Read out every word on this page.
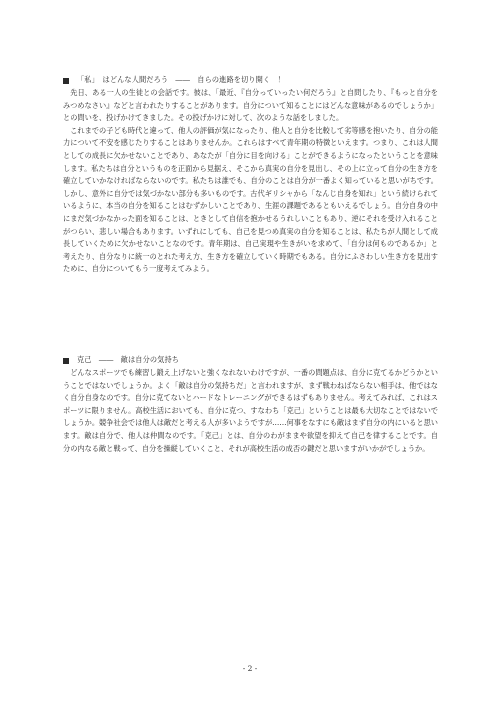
「私」　はどんな人間だろう　――　自らの進路を切り開く　！

先日、ある一人の生徒との会話です。彼は、「最近、『自分っていったい何だろう』と自問したり、『もっと自分をみつめなさい』などと言われたりすることがあります。自分について知ることにはどんな意味があるのでしょうか」との問いを、投げかけてきました。その投げかけに対して、次のような話をしました。

これまでの子ども時代と違って、他人の評価が気になったり、他人と自分を比較して劣等感を抱いたり、自分の能力について不安を感じたりすることはありませんか。これらはすべて青年期の特徴といえます。つまり、これは人間としての成長に欠かせないことであり、あなたが「自分に目を向ける」ことができるようになったということを意味します。私たちは自分というものを正面から見据え、そこから真実の自分を見出し、その上に立って自分の生き方を確立していかなければならないのです。私たちは誰でも、自分のことは自分が一番よく知っていると思いがちです。しかし、意外に自分では気づかない部分も多いものです。古代ギリシャから「なんじ自身を知れ」という続けられているように、本当の自分を知ることはむずかしいことであり、生涯の課題であるともいえるでしょう。自分自身の中にまだ気づかなかった面を知ることは、ときとして自信を抱かせるうれしいこともあり、逆にそれを受け入れることがつらい、悲しい場合もあります。いずれにしても、自己を見つめ真実の自分を知ることは、私たちが人間として成長していくために欠かせないことなのです。青年期は、自己実現や生きがいを求めて、「自分は何ものであるか」と考えたり、自分なりに統一のとれた考え方、生き方を確立していく時期でもある。自分にふさわしい生き方を見出すために、自分についてもう一度考えてみよう。

克己　――　敵は自分の気持ち

どんなスポーツでも練習し鍛え上げないと強くなれないわけですが、一番の問題点は、自分に克てるかどうかということではないでしょうか。よく「敵は自分の気持ちだ」と言われますが、まず戦わねばならない相手は、他ではなく自分自身なのです。自分に克てないとハードなトレーニングができるはずもありません。考えてみれば、これはスポーツに限りません。高校生活においても、自分に克つ、すなわち「克己」ということは最も大切なことではないでしょうか。競争社会では他人は敵だと考える人が多いようですが……何事をなすにも敵はまず自分の内にいると思います。敵は自分で、他人は仲間なのです。「克己」とは、自分のわがままや欲望を抑えて自己を律することです。自分の内なる敵と戦って、自分を操縦していくこと、それが高校生活の成否の鍵だと思いますがいかがでしょうか。

- 2 -
